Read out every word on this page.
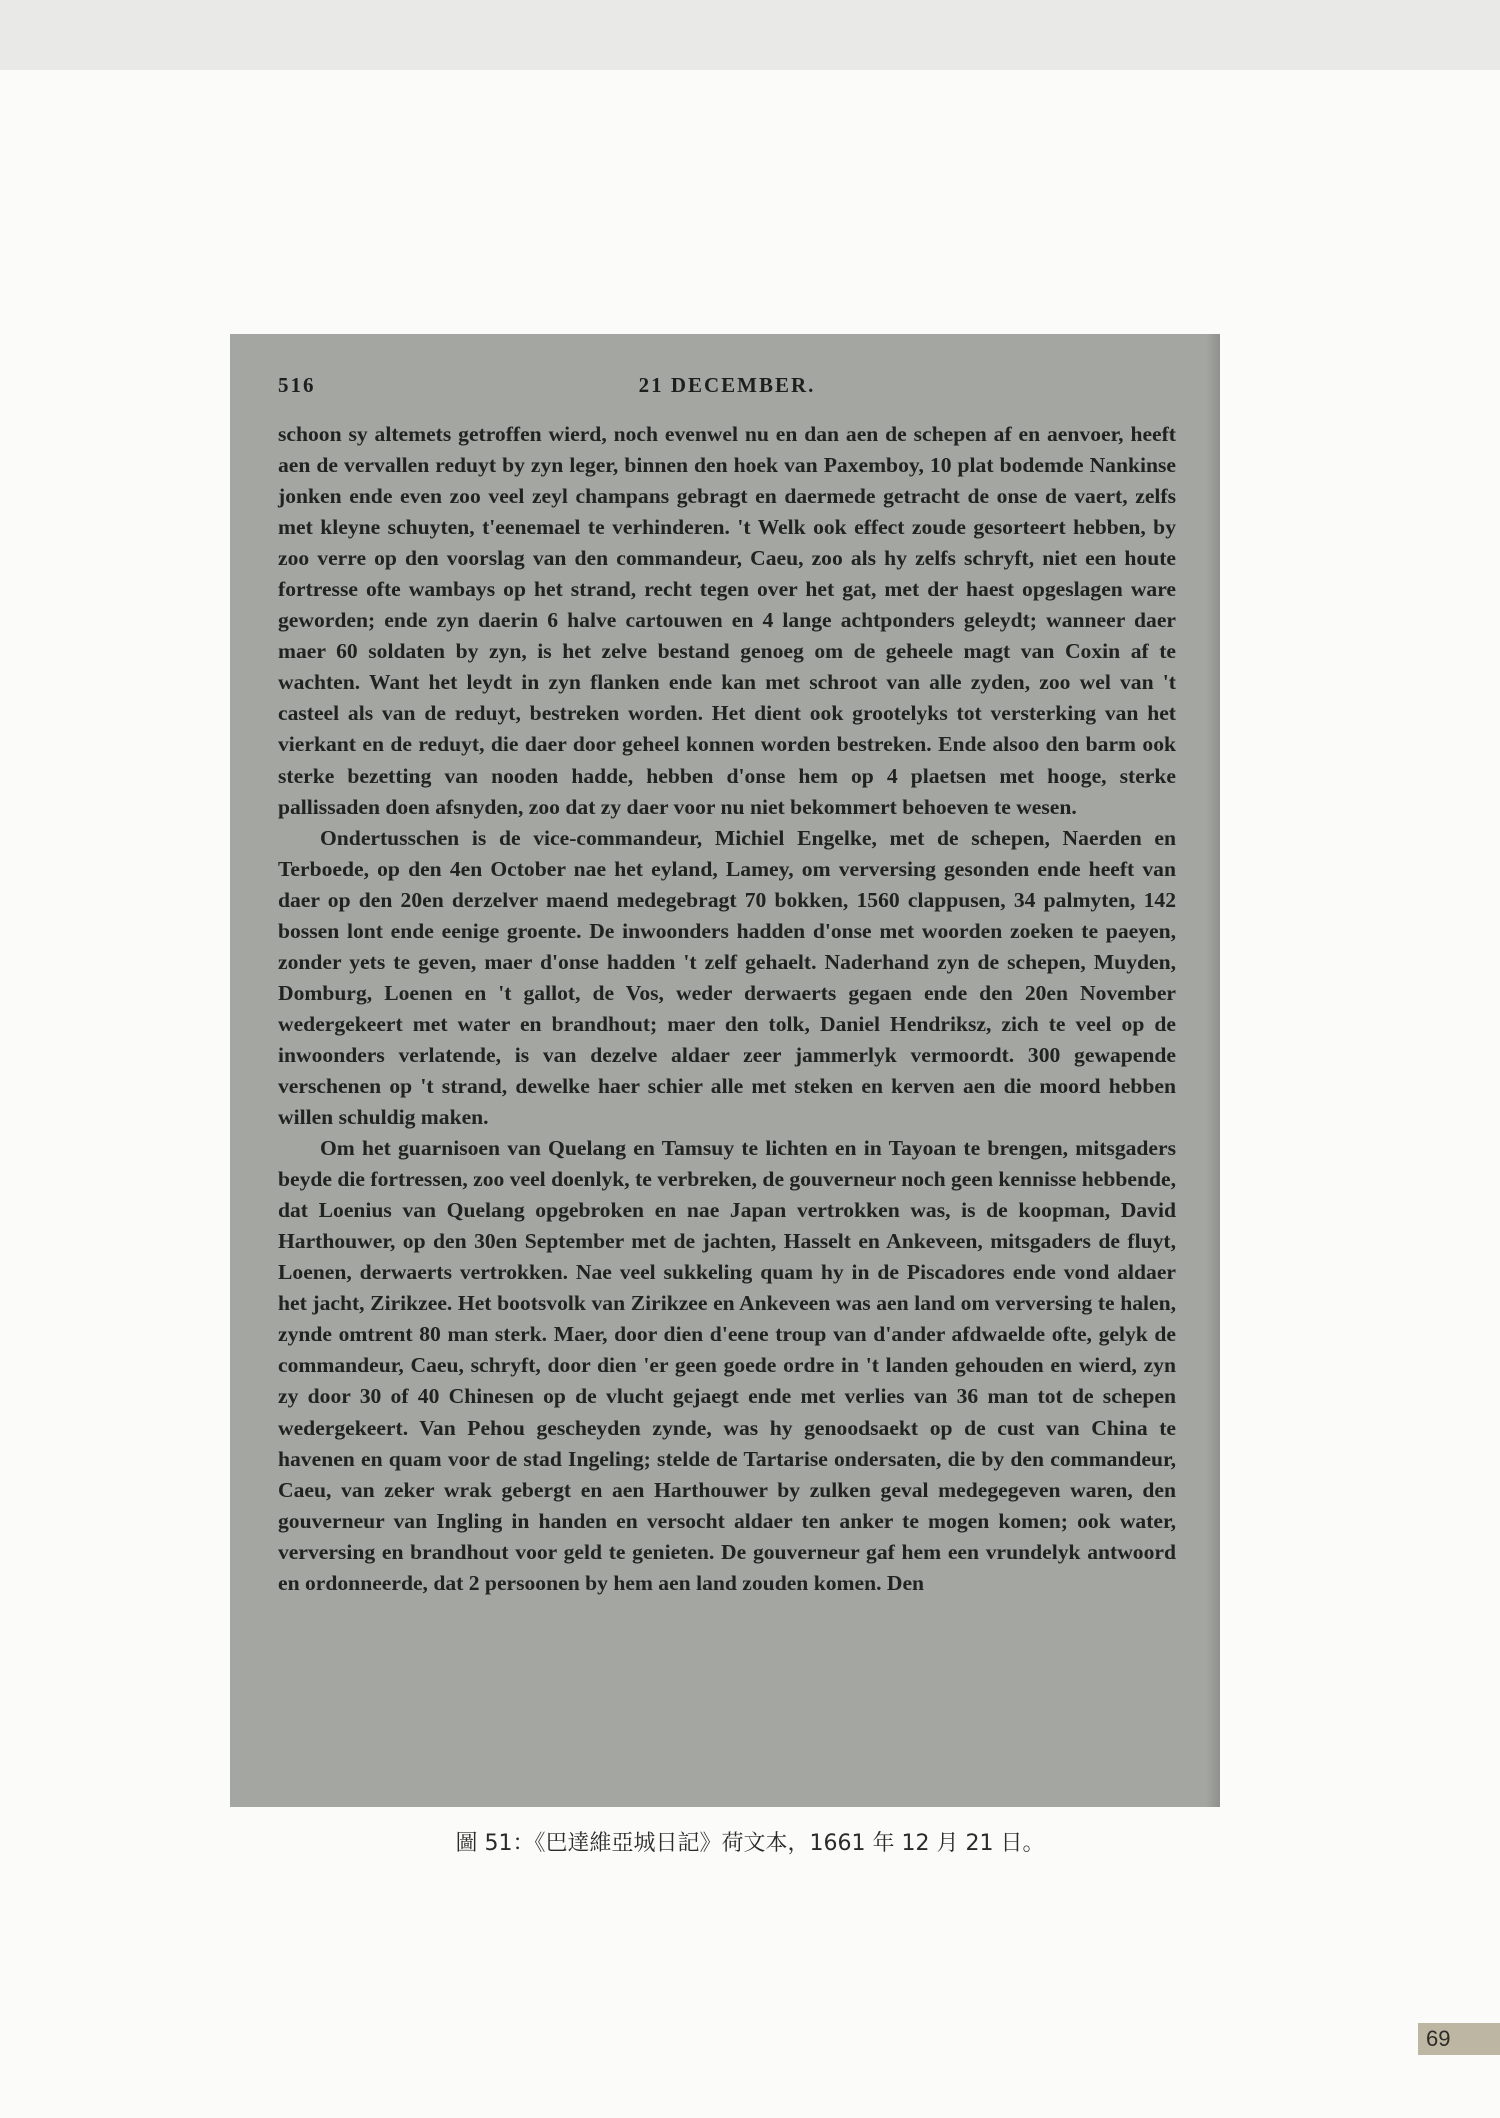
516	21 DECEMBER.

schoon sy altemets getroffen wierd, noch evenwel nu en dan aen de schepen af en aenvoer, heeft aen de vervallen reduyt by zyn leger, binnen den hoek van Paxemboy, 10 plat bodemde Nankinse jonken ende even zoo veel zeyl champans gebragt en daermede getracht de onse de vaert, zelfs met kleyne schuyten, t'eenemael te verhinderen. 't Welk ook effect zoude gesorteert hebben, by zoo verre op den voorslag van den commandeur, Caeu, zoo als hy zelfs schryft, niet een houte fortresse ofte wambays op het strand, recht tegen over het gat, met der haest opgeslagen ware geworden; ende zyn daerin 6 halve cartouwen en 4 lange achtponders geleydt; wanneer daer maer 60 soldaten by zyn, is het zelve bestand genoeg om de geheele magt van Coxin af te wachten. Want het leydt in zyn flanken ende kan met schroot van alle zyden, zoo wel van 't casteel als van de reduyt, bestreken worden. Het dient ook grootelyks tot versterking van het vierkant en de reduyt, die daer door geheel konnen worden bestreken. Ende alsoo den barm ook sterke bezetting van nooden hadde, hebben d'onse hem op 4 plaetsen met hooge, sterke pallissaden doen afsnyden, zoo dat zy daer voor nu niet bekommert behoeven te wesen.

Ondertusschen is de vice-commandeur, Michiel Engelke, met de schepen, Naerden en Terboede, op den 4en October nae het eyland, Lamey, om verversing gesonden ende heeft van daer op den 20en derzelver maend medegebragt 70 bokken, 1560 clappusen, 34 palmyten, 142 bossen lont ende eenige groente. De inwoonders hadden d'onse met woorden zoeken te paeyen, zonder yets te geven, maer d'onse hadden 't zelf gehaelt. Naderhand zyn de schepen, Muyden, Domburg, Loenen en 't gallot, de Vos, weder derwaerts gegaen ende den 20en November wedergekeert met water en brandhout; maer den tolk, Daniel Hendriksz, zich te veel op de inwoonders verlatende, is van dezelve aldaer zeer jammerlyk vermoordt. 300 gewapende verschenen op 't strand, dewelke haer schier alle met steken en kerven aen die moord hebben willen schuldig maken.

Om het guarnisoen van Quelang en Tamsuy te lichten en in Tayoan te brengen, mitsgaders beyde die fortressen, zoo veel doenlyk, te verbreken, de gouverneur noch geen kennisse hebbende, dat Loenius van Quelang opgebroken en nae Japan vertrokken was, is de koopman, David Harthouwer, op den 30en September met de jachten, Hasselt en Ankeveen, mitsgaders de fluyt, Loenen, derwaerts vertrokken. Nae veel sukkeling quam hy in de Piscadores ende vond aldaer het jacht, Zirikzee. Het bootsvolk van Zirikzee en Ankeveen was aen land om verversing te halen, zynde omtrent 80 man sterk. Maer, door dien d'eene troup van d'ander afdwaelde ofte, gelyk de commandeur, Caeu, schryft, door dien 'er geen goede ordre in 't landen gehouden en wierd, zyn zy door 30 of 40 Chinesen op de vlucht gejaegt ende met verlies van 36 man tot de schepen wedergekeert. Van Pehou gescheyden zynde, was hy genoodsaekt op de cust van China te havenen en quam voor de stad Ingeling; stelde de Tartarise ondersaten, die by den commandeur, Caeu, van zeker wrak gebergt en aen Harthouwer by zulken geval medegegeven waren, den gouverneur van Ingling in handen en versocht aldaer ten anker te mogen komen; ook water, verversing en brandhout voor geld te genieten. De gouverneur gaf hem een vrundelyk antwoord en ordonneerde, dat 2 persoonen by hem aen land zouden komen. Den

圖 51：《巴達維亞城日記》荷文本，1661 年 12 月 21 日。
69
